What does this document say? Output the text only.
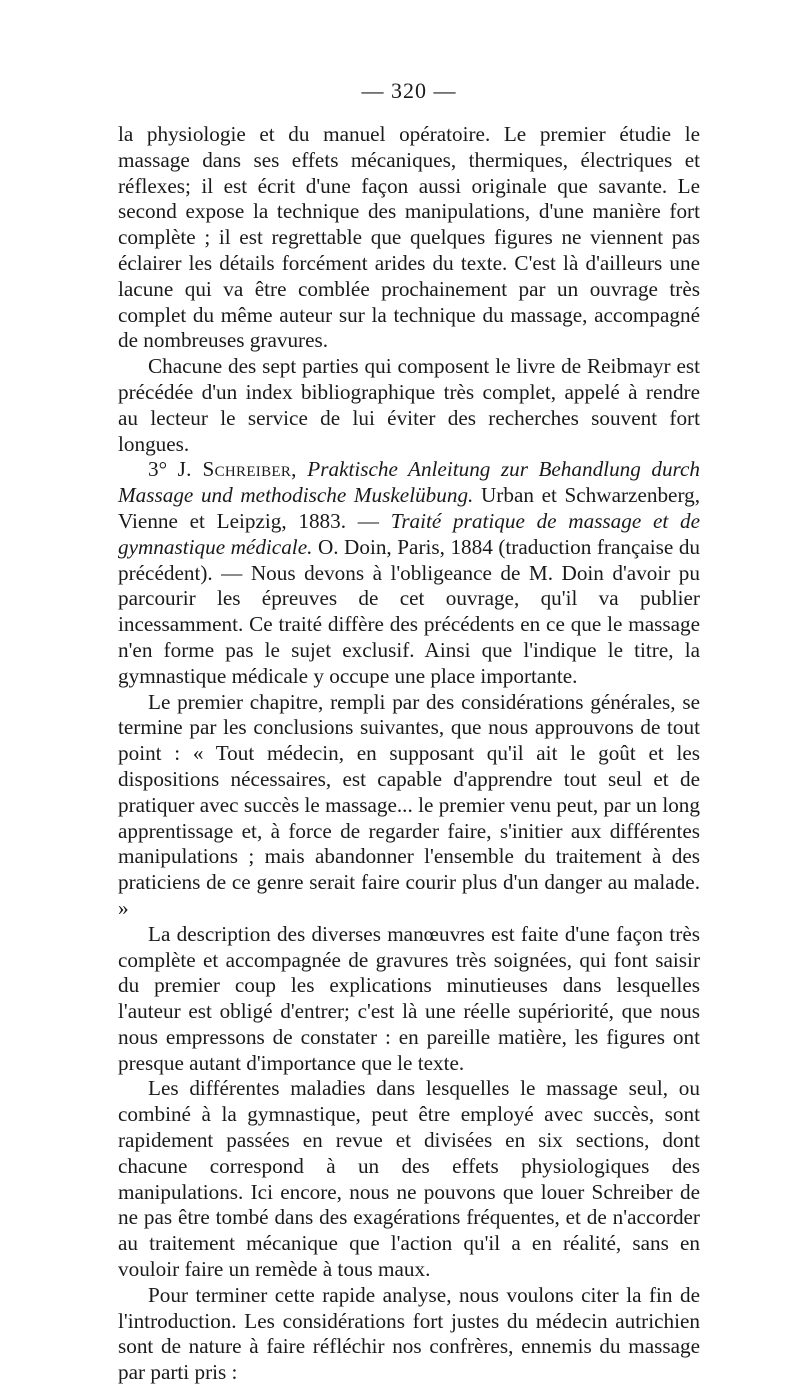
— 320 —

la physiologie et du manuel opératoire. Le premier étudie le massage dans ses effets mécaniques, thermiques, électriques et réflexes; il est écrit d'une façon aussi originale que savante. Le second expose la technique des manipulations, d'une manière fort complète ; il est regrettable que quelques figures ne viennent pas éclairer les détails forcément arides du texte. C'est là d'ailleurs une lacune qui va être comblée prochainement par un ouvrage très complet du même auteur sur la technique du massage, accompagné de nombreuses gravures.

Chacune des sept parties qui composent le livre de Reibmayr est précédée d'un index bibliographique très complet, appelé à rendre au lecteur le service de lui éviter des recherches souvent fort longues.

3° J. Schreiber, Praktische Anleitung zur Behandlung durch Massage und methodische Muskelübung. Urban et Schwarzenberg, Vienne et Leipzig, 1883. — Traité pratique de massage et de gymnastique médicale. O. Doin, Paris, 1884 (traduction française du précédent). — Nous devons à l'obligeance de M. Doin d'avoir pu parcourir les épreuves de cet ouvrage, qu'il va publier incessamment. Ce traité diffère des précédents en ce que le massage n'en forme pas le sujet exclusif. Ainsi que l'indique le titre, la gymnastique médicale y occupe une place importante.

Le premier chapitre, rempli par des considérations générales, se termine par les conclusions suivantes, que nous approuvons de tout point : « Tout médecin, en supposant qu'il ait le goût et les dispositions nécessaires, est capable d'apprendre tout seul et de pratiquer avec succès le massage... le premier venu peut, par un long apprentissage et, à force de regarder faire, s'initier aux différentes manipulations ; mais abandonner l'ensemble du traitement à des praticiens de ce genre serait faire courir plus d'un danger au malade. »

La description des diverses manœuvres est faite d'une façon très complète et accompagnée de gravures très soignées, qui font saisir du premier coup les explications minutieuses dans lesquelles l'auteur est obligé d'entrer; c'est là une réelle supériorité, que nous nous empressons de constater : en pareille matière, les figures ont presque autant d'importance que le texte.

Les différentes maladies dans lesquelles le massage seul, ou combiné à la gymnastique, peut être employé avec succès, sont rapidement passées en revue et divisées en six sections, dont chacune correspond à un des effets physiologiques des manipulations. Ici encore, nous ne pouvons que louer Schreiber de ne pas être tombé dans des exagérations fréquentes, et de n'accorder au traitement mécanique que l'action qu'il a en réalité, sans en vouloir faire un remède à tous maux.

Pour terminer cette rapide analyse, nous voulons citer la fin de l'introduction. Les considérations fort justes du médecin autrichien sont de nature à faire réfléchir nos confrères, ennemis du massage par parti pris :
